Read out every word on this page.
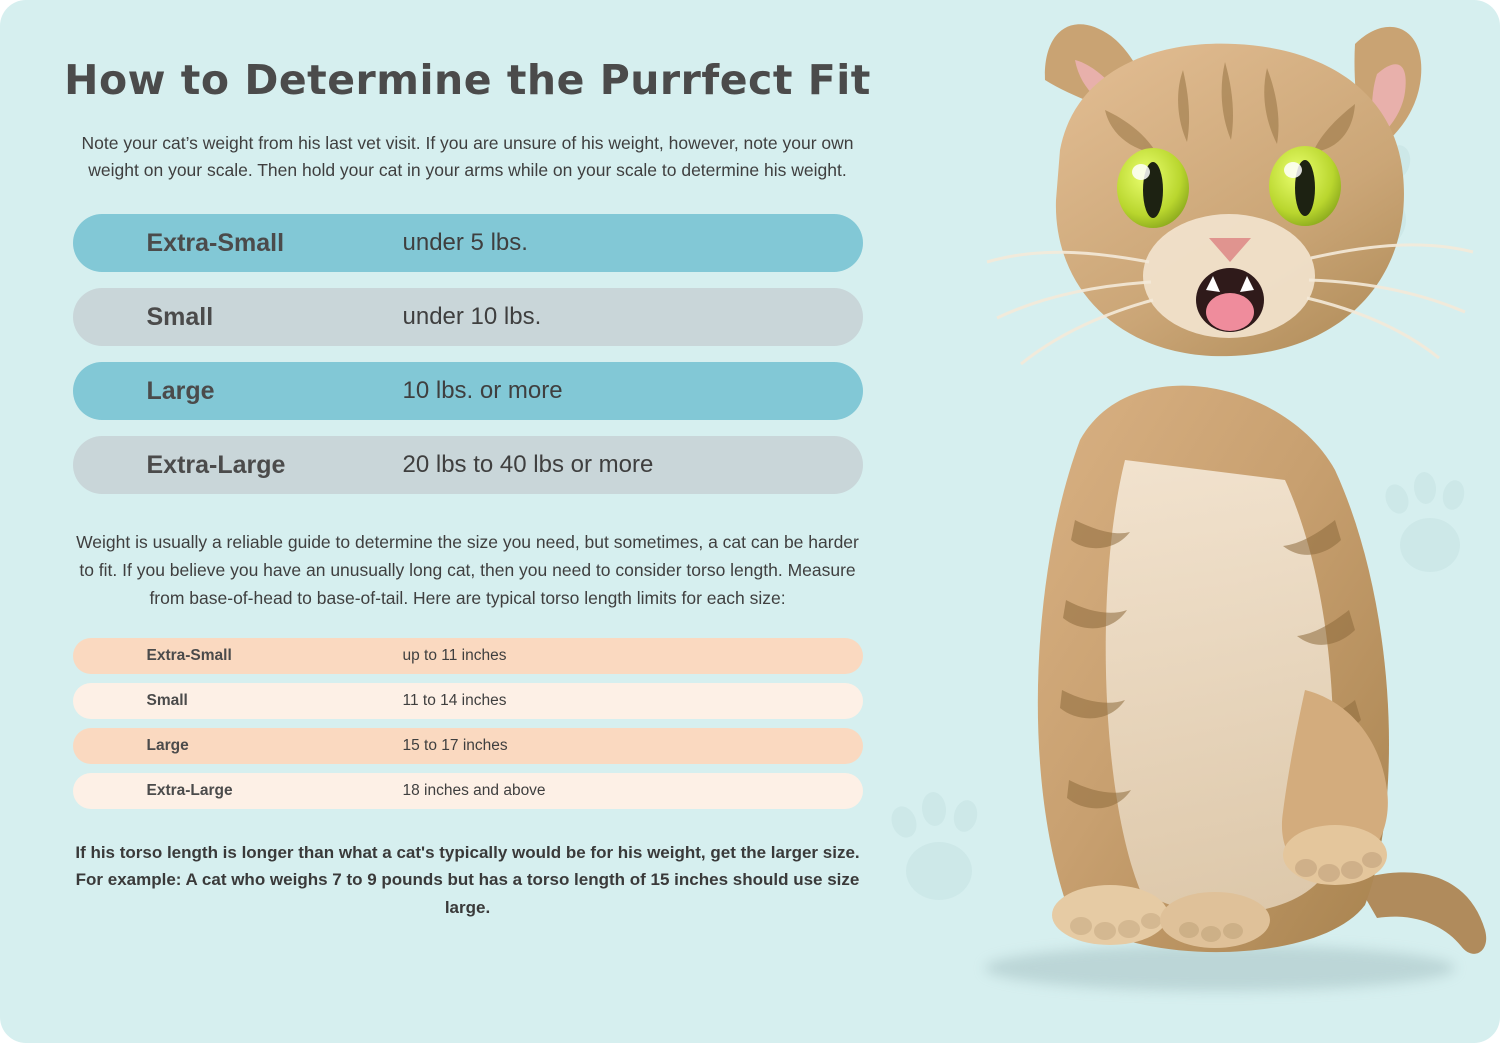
How to Determine the Purrfect Fit

Note your cat’s weight from his last vet visit. If you are unsure of his weight, however, note your own weight on your scale. Then hold your cat in your arms while on your scale to determine his weight.

Extra-Small	under 5 lbs.
Small	under 10 lbs.
Large	10 lbs. or more
Extra-Large	20 lbs to 40 lbs or more

Weight is usually a reliable guide to determine the size you need, but sometimes, a cat can be harder to fit. If you believe you have an unusually long cat, then you need to consider torso length. Measure from base-of-head to base-of-tail. Here are typical torso length limits for each size:

Extra-Small	up to 11 inches
Small	11 to 14 inches
Large	15 to 17 inches
Extra-Large	18 inches and above

If his torso length is longer than what a cat's typically would be for his weight, get the larger size. For example: A cat who weighs 7 to 9 pounds but has a torso length of 15 inches should use size large.
